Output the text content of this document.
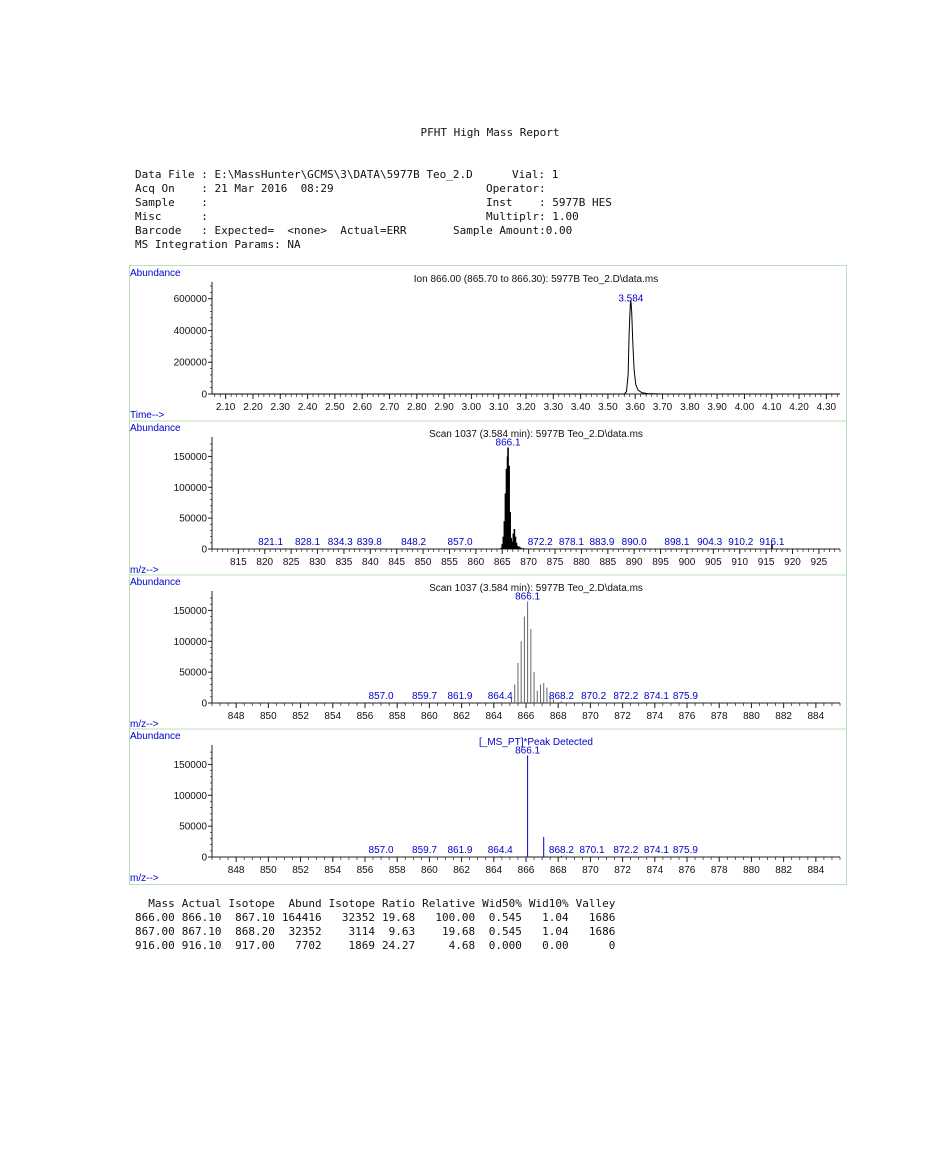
PFHT High Mass Report
Data File : E:\MassHunter\GCMS\3\DATA\5977B Teo_2.D	Vial: 1
Acq On    : 21 Mar 2016  08:29	Operator:
Sample    :	Inst    : 5977B HES
Misc      :	Multiplr: 1.00
Barcode   : Expected=  <none>  Actual=ERR	Sample Amount:0.00
MS Integration Params: NA
Abundance
Ion 866.00 (865.70 to 866.30): 5977B Teo_2.D\data.ms
Time-->
0
200000
400000
600000
2.10 2.20 2.30 2.40 2.50 2.60 2.70 2.80 2.90 3.00 3.10 3.20 3.30 3.40 3.50 3.60 3.70 3.80 3.90 4.00 4.10 4.20 4.30
3.584
Abundance
Scan 1037 (3.584 min): 5977B Teo_2.D\data.ms
m/z-->
0
50000
100000
150000
815 820 825 830 835 840 845 850 855 860 865 870 875 880 885 890 895 900 905 910 915 920 925
821.1 828.1 834.3 839.8 848.2 857.0
866.1
872.2 878.1 883.9 890.0 898.1 904.3 910.2 916.1
Abundance
Scan 1037 (3.584 min): 5977B Teo_2.D\data.ms
m/z-->
0
50000
100000
150000
848 850 852 854 856 858 860 862 864 866 868 870 872 874 876 878 880 882 884
857.0 859.7 861.9 864.4
866.1
868.2 870.2 872.2 874.1 875.9
Abundance
[_MS_PT]*Peak Detected
m/z-->
0
50000
100000
150000
848 850 852 854 856 858 860 862 864 866 868 870 872 874 876 878 880 882 884
857.0 859.7 861.9 864.4
866.1
868.2 870.1 872.2 874.1 875.9
Mass	Actual	Isotope	Abund	Isotope	Ratio	Relative	Wid50%	Wid10%	Valley
866.00	866.10	867.10	164416	32352	19.68	100.00	0.545	1.04	1686
867.00	867.10	868.20	32352	3114	9.63	19.68	0.545	1.04	1686
916.00	916.10	917.00	7702	1869	24.27	4.68	0.000	0.00	0
